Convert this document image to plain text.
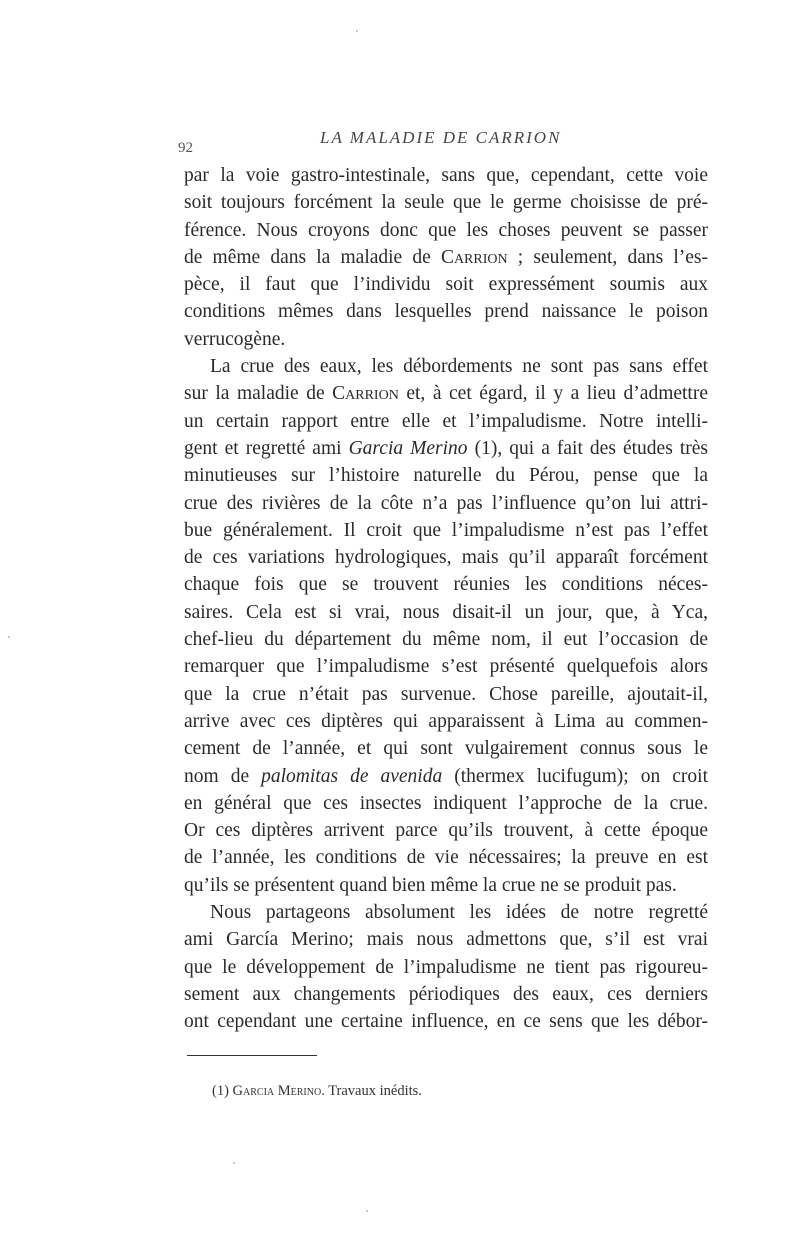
92
LA MALADIE DE CARRION
par la voie gastro-intestinale, sans que, cependant, cette voie
soit toujours forcément la seule que le germe choisisse de pré-
férence. Nous croyons donc que les choses peuvent se passer
de même dans la maladie de Carrion ; seulement, dans l’es-
pèce, il faut que l’individu soit expressément soumis aux
conditions mêmes dans lesquelles prend naissance le poison
verrucogène.
La crue des eaux, les débordements ne sont pas sans effet
sur la maladie de Carrion et, à cet égard, il y a lieu d’admettre
un certain rapport entre elle et l’impaludisme. Notre intelli-
gent et regretté ami Garcia Merino (1), qui a fait des études très
minutieuses sur l’histoire naturelle du Pérou, pense que la
crue des rivières de la côte n’a pas l’influence qu’on lui attri-
bue généralement. Il croit que l’impaludisme n’est pas l’effet
de ces variations hydrologiques, mais qu’il apparaît forcément
chaque fois que se trouvent réunies les conditions néces-
saires. Cela est si vrai, nous disait-il un jour, que, à Yca,
chef-lieu du département du même nom, il eut l’occasion de
remarquer que l’impaludisme s’est présenté quelquefois alors
que la crue n’était pas survenue. Chose pareille, ajoutait-il,
arrive avec ces diptères qui apparaissent à Lima au commen-
cement de l’année, et qui sont vulgairement connus sous le
nom de palomitas de avenida (thermex lucifugum); on croit
en général que ces insectes indiquent l’approche de la crue.
Or ces diptères arrivent parce qu’ils trouvent, à cette époque
de l’année, les conditions de vie nécessaires; la preuve en est
qu’ils se présentent quand bien même la crue ne se produit pas.
Nous partageons absolument les idées de notre regretté
ami García Merino; mais nous admettons que, s’il est vrai
que le développement de l’impaludisme ne tient pas rigoureu-
sement aux changements périodiques des eaux, ces derniers
ont cependant une certaine influence, en ce sens que les débor-
(1) Garcia Merino. Travaux inédits.
